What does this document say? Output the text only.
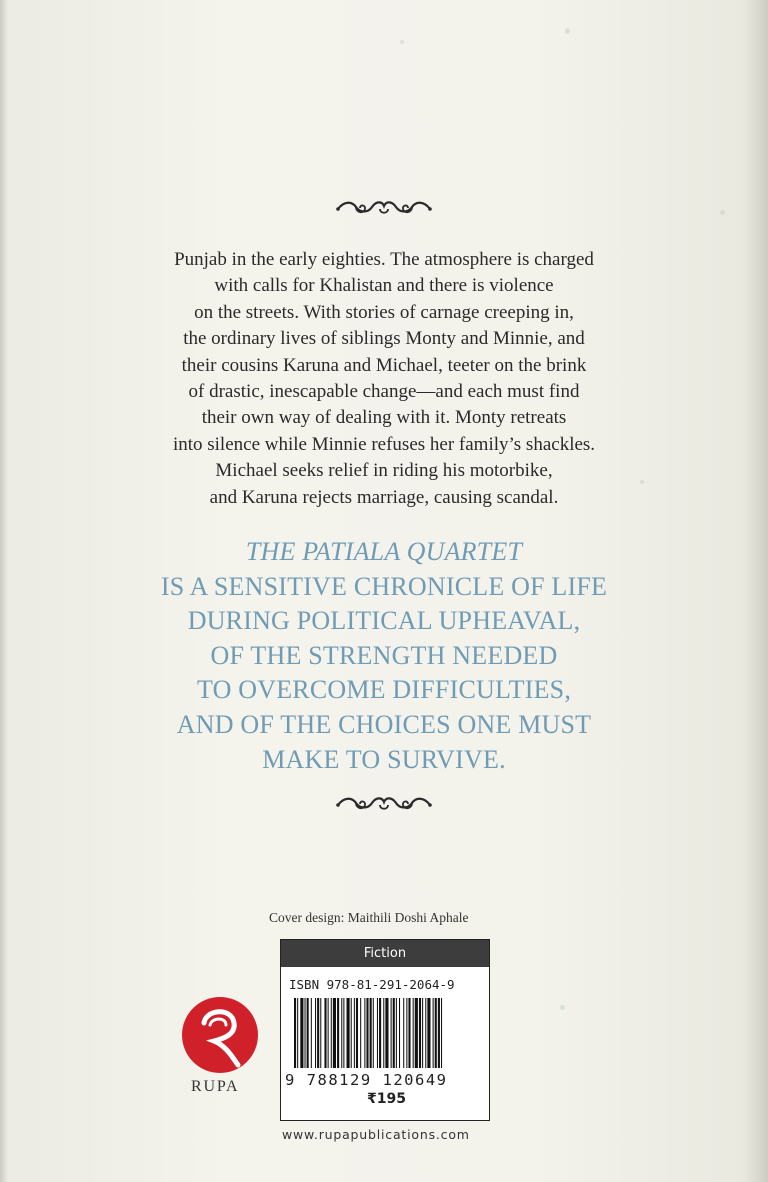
Punjab in the early eighties. The atmosphere is charged

with calls for Khalistan and there is violence

on the streets. With stories of carnage creeping in,

the ordinary lives of siblings Monty and Minnie, and

their cousins Karuna and Michael, teeter on the brink

of drastic, inescapable change—and each must find

their own way of dealing with it. Monty retreats

into silence while Minnie refuses her family’s shackles.

Michael seeks relief in riding his motorbike,

and Karuna rejects marriage, causing scandal.

THE PATIALA QUARTET
IS A SENSITIVE CHRONICLE OF LIFE
DURING POLITICAL UPHEAVAL,
OF THE STRENGTH NEEDED
TO OVERCOME DIFFICULTIES,
AND OF THE CHOICES ONE MUST
MAKE TO SURVIVE.
Cover design: Maithili Doshi Aphale
Fiction
ISBN 978-81-291-2064-9
9 788129 120649
₹195
RUPA
www.rupapublications.com
